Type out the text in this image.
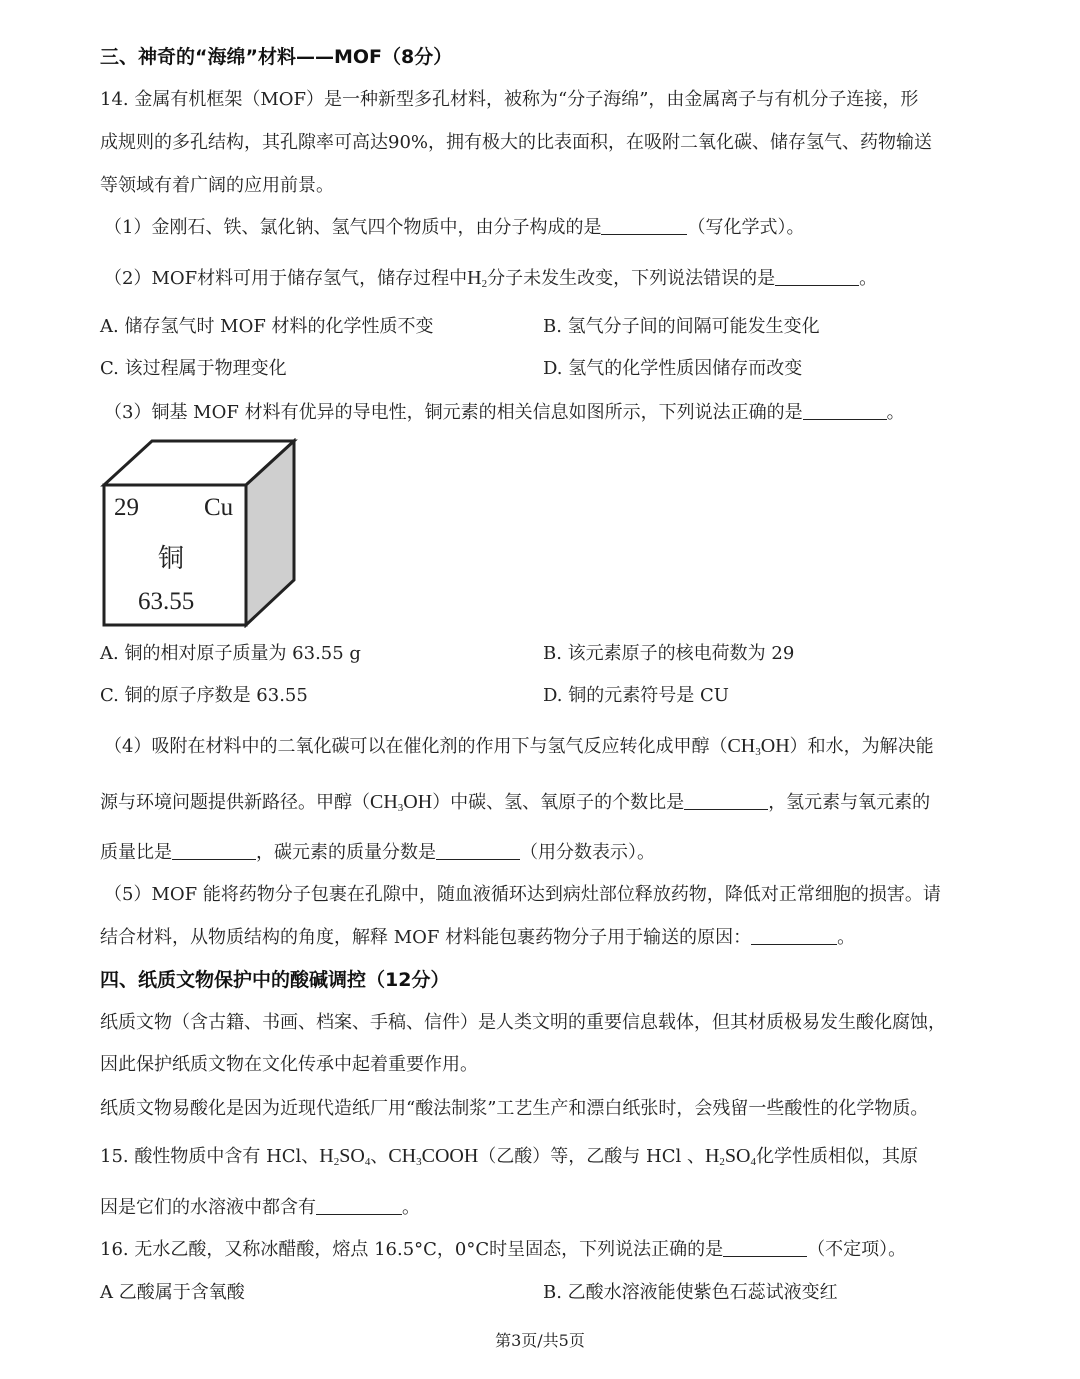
三、神奇的“海绵”材料——MOF（8分）
14. 金属有机框架（MOF）是一种新型多孔材料，被称为“分子海绵”，由金属离子与有机分子连接，形
成规则的多孔结构，其孔隙率可高达90%，拥有极大的比表面积，在吸附二氧化碳、储存氢气、药物输送
等领域有着广阔的应用前景。
（1）金刚石、铁、氯化钠、氢气四个物质中，由分子构成的是	（写化学式）。
（2）MOF材料可用于储存氢气，储存过程中$H_2$分子未发生改变，下列说法错误的是	。
A. 储存氢气时 MOF 材料的化学性质不变	B. 氢气分子间的间隔可能发生变化
C. 该过程属于物理变化	D. 氢气的化学性质因储存而改变
（3）铜基 MOF 材料有优异的导电性，铜元素的相关信息如图所示，下列说法正确的是	。
29	Cu
铜
63.55
A. 铜的相对原子质量为 63.55 g	B. 该元素原子的核电荷数为 29
C. 铜的原子序数是 63.55	D. 铜的元素符号是 CU
（4）吸附在材料中的二氧化碳可以在催化剂的作用下与氢气反应转化成甲醇$(CH_3OH)$和水，为解决能
源与环境问题提供新路径。甲醇$(CH_3OH)$中碳、氢、氧原子的个数比是	，氢元素与氧元素的
质量比是	，碳元素的质量分数是	（用分数表示）。
（5）MOF 能将药物分子包裹在孔隙中，随血液循环达到病灶部位释放药物，降低对正常细胞的损害。请
结合材料，从物质结构的角度，解释 MOF 材料能包裹药物分子用于输送的原因：	。
四、纸质文物保护中的酸碱调控（12分）
纸质文物（含古籍、书画、档案、手稿、信件）是人类文明的重要信息载体，但其材质极易发生酸化腐蚀，
因此保护纸质文物在文化传承中起着重要作用。
纸质文物易酸化是因为近现代造纸厂用“酸法制浆”工艺生产和漂白纸张时，会残留一些酸性的化学物质。
15. 酸性物质中含有 HCl、$H_2SO_4$、$CH_3COOH$（乙酸）等，乙酸与 HCl 、$H_2SO_4$化学性质相似，其原
因是它们的水溶液中都含有	。
16. 无水乙酸，又称冰醋酸，熔点 16.5°C，0°C时呈固态，下列说法正确的是	（不定项）。
A 乙酸属于含氧酸	B. 乙酸水溶液能使紫色石蕊试液变红
第3页/共5页
